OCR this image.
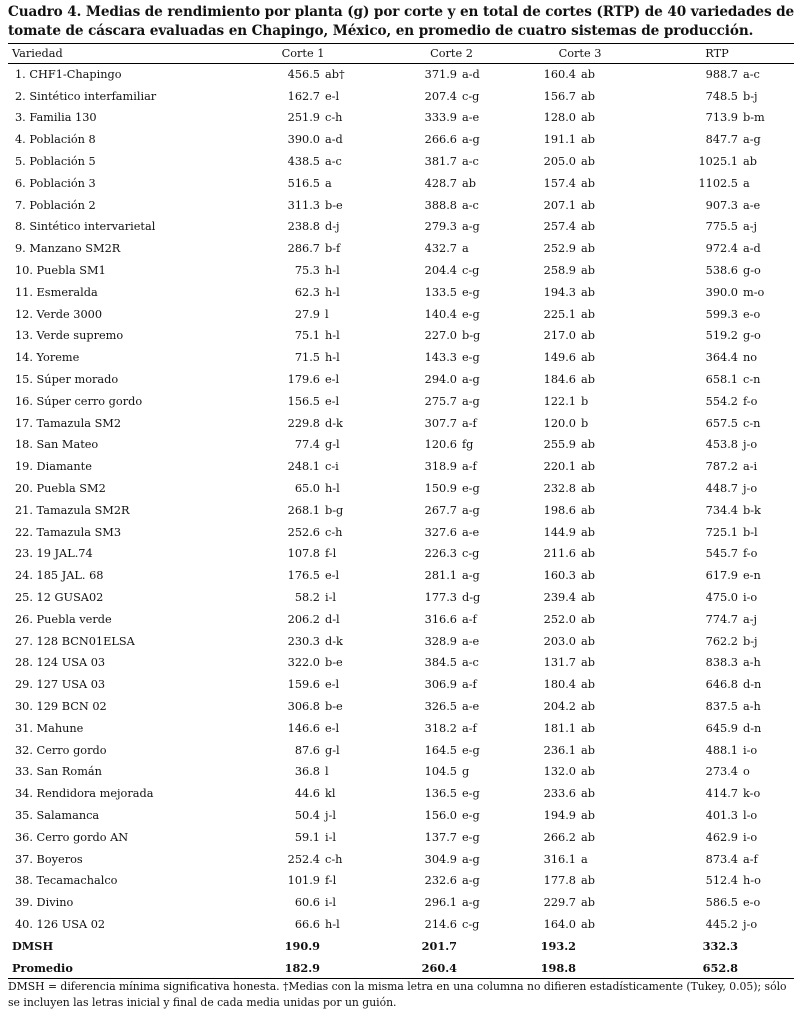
Cuadro 4. Medias de rendimiento por planta (g) por corte y en total de cortes (RTP) de 40 variedades de tomate de cáscara evaluadas en Chapingo, México, en promedio de cuatro sistemas de producción.
Variedad	Corte 1	Corte 2	Corte 3	RTP
1. CHF1-Chapingo	456.5 ab†	371.9 a-d	160.4 ab	988.7 a-c
2. Sintético interfamiliar	162.7 e-l	207.4 c-g	156.7 ab	748.5 b-j
3. Familia 130	251.9 c-h	333.9 a-e	128.0 ab	713.9 b-m
4. Población 8	390.0 a-d	266.6 a-g	191.1 ab	847.7 a-g
5. Población 5	438.5 a-c	381.7 a-c	205.0 ab	1025.1 ab
6. Población 3	516.5 a	428.7 ab	157.4 ab	1102.5 a
7. Población 2	311.3 b-e	388.8 a-c	207.1 ab	907.3 a-e
8. Sintético intervarietal	238.8 d-j	279.3 a-g	257.4 ab	775.5 a-j
9. Manzano SM2R	286.7 b-f	432.7 a	252.9 ab	972.4 a-d
10. Puebla SM1	75.3 h-l	204.4 c-g	258.9 ab	538.6 g-o
11. Esmeralda	62.3 h-l	133.5 e-g	194.3 ab	390.0 m-o
12. Verde 3000	27.9 l	140.4 e-g	225.1 ab	599.3 e-o
13. Verde supremo	75.1 h-l	227.0 b-g	217.0 ab	519.2 g-o
14. Yoreme	71.5 h-l	143.3 e-g	149.6 ab	364.4 no
15. Súper morado	179.6 e-l	294.0 a-g	184.6 ab	658.1 c-n
16. Súper cerro gordo	156.5 e-l	275.7 a-g	122.1 b	554.2 f-o
17. Tamazula SM2	229.8 d-k	307.7 a-f	120.0 b	657.5 c-n
18. San Mateo	77.4 g-l	120.6 fg	255.9 ab	453.8 j-o
19. Diamante	248.1 c-i	318.9 a-f	220.1 ab	787.2 a-i
20. Puebla SM2	65.0 h-l	150.9 e-g	232.8 ab	448.7 j-o
21. Tamazula SM2R	268.1 b-g	267.7 a-g	198.6 ab	734.4 b-k
22. Tamazula SM3	252.6 c-h	327.6 a-e	144.9 ab	725.1 b-l
23. 19 JAL.74	107.8 f-l	226.3 c-g	211.6 ab	545.7 f-o
24. 185 JAL. 68	176.5 e-l	281.1 a-g	160.3 ab	617.9 e-n
25. 12 GUSA02	58.2 i-l	177.3 d-g	239.4 ab	475.0 i-o
26. Puebla verde	206.2 d-l	316.6 a-f	252.0 ab	774.7 a-j
27. 128 BCN01ELSA	230.3 d-k	328.9 a-e	203.0 ab	762.2 b-j
28. 124 USA 03	322.0 b-e	384.5 a-c	131.7 ab	838.3 a-h
29. 127 USA 03	159.6 e-l	306.9 a-f	180.4 ab	646.8 d-n
30. 129 BCN 02	306.8 b-e	326.5 a-e	204.2 ab	837.5 a-h
31. Mahune	146.6 e-l	318.2 a-f	181.1 ab	645.9 d-n
32. Cerro gordo	87.6 g-l	164.5 e-g	236.1 ab	488.1 i-o
33. San Román	36.8 l	104.5 g	132.0 ab	273.4 o
34. Rendidora mejorada	44.6 kl	136.5 e-g	233.6 ab	414.7 k-o
35. Salamanca	50.4 j-l	156.0 e-g	194.9 ab	401.3 l-o
36. Cerro gordo AN	59.1 i-l	137.7 e-g	266.2 ab	462.9 i-o
37. Boyeros	252.4 c-h	304.9 a-g	316.1 a	873.4 a-f
38. Tecamachalco	101.9 f-l	232.6 a-g	177.8 ab	512.4 h-o
39. Divino	60.6 i-l	296.1 a-g	229.7 ab	586.5 e-o
40. 126 USA 02	66.6 h-l	214.6 c-g	164.0 ab	445.2 j-o
DMSH	190.9	201.7	193.2	332.3
Promedio	182.9	260.4	198.8	652.8
DMSH = diferencia mínima significativa honesta. †Medias con la misma letra en una columna no difieren estadísticamente (Tukey, 0.05); sólo se incluyen las letras inicial y final de cada media unidas por un guión.
